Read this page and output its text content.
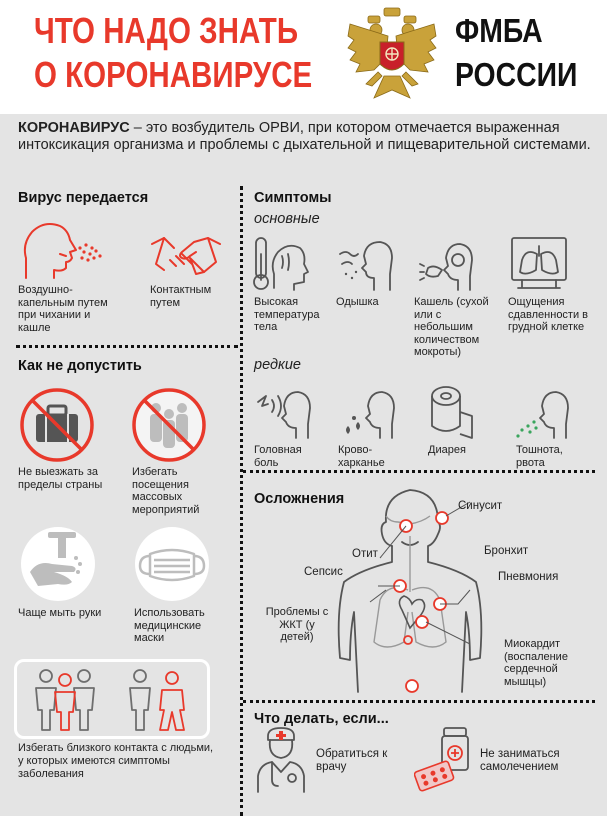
ЧТО НАДО ЗНАТЬ
О КОРОНАВИРУСЕ
ФМБА
РОССИИ
КОРОНАВИРУС – это возбудитель ОРВИ, при котором отмечается выраженная интоксикация организма и проблемы с дыхательной и пищеварительной системами.
Вирус передается
Воздушно-капельным путем при чихании и кашле
Контактным путем
Как не допустить
Не выезжать за пределы страны
Избегать посещения массовых мероприятий
Чаще мыть руки	Использовать медицинские маски
Избегать близкого контакта с людьми, у которых имеются симптомы заболевания
Симптомы
основные
Высокая температура тела
Одышка	Кашель (сухой или с небольшим количеством мокроты)
Ощущения сдавленности в грудной клетке
редкие
Головная боль
Крово-харканье
Диарея	Тошнота, рвота
Осложнения	Синусит
Отит	Бронхит
Сепсис	Пневмония
Проблемы с ЖКТ (у детей)
Миокардит (воспаление сердечной мышцы)
Что делать, если...
Обратиться к врачу
Не заниматься самолечением
